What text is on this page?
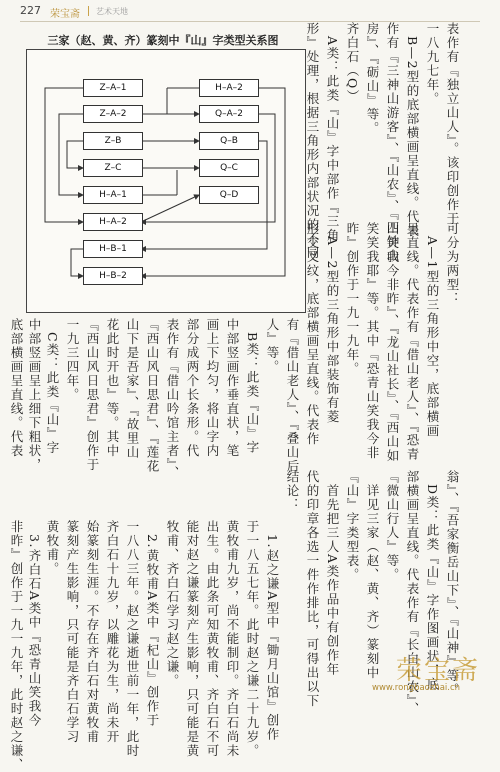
227 荣宝斋 艺术天地
三家（赵、黄、齐）篆刻中『山』字类型关系图
Z–A–1
Z–A–2
Z–B
Z–C
H–A–1
H–A–2
H–B–1
H–B–2
H–A–2
Q–A–2
Q–B
Q–C
Q–D	表作有『独立山人』。该印创作于
一八九七年。
　B—2型的底部横画呈直线。代表
作有『三神山游客』、『山农』、『四钟山
房』、『砺山』等。
齐白石（Q）
　A类：此类『山』字中部作『三角
形』处理，根据三角形内部状况的不同
可分为两型：
　A—1型的三角形中空，底部横画
呈直线。代表作有『借山老人』、『恐青
山笑我今非昨』、『龙山社长』、『西山如
笑笑我耶』等。其中『恐青山笑我今非
昨』创作于一九一九年。
　A—2型的三角形中部装饰有菱
形交叉纹，底部横画呈直线。代表作
有『借山老人』、『叠山后
人』等。
　B类：此类『山』字
中部竖画作垂直状，笔
画上下均匀，将山字内
部分成两个长条形。代
表作有『借山吟馆主者』、
『西山风日思君』、『莲花
山下是吾家』、『故里山
花此时开也』等。其中
『西山风日思君』创作于
一九三四年。
　C类：此类『山』字
中部竖画呈上细下粗状，
底部横画呈直线。代表
翁』、『吾家衡岳山下』、『山神』等。
　D类：此类『山』字作图画状，底
部横画呈直线。代表作有『长白山农』、
『微山行人』等。
　详见三家（赵、黄、齐）篆刻中
『山』字类型表。
　首先把三人A类作品中有创作年
代的印章各选一件作排比，可得出以下
结论：
　1.赵之谦A型中『锄月山馆』创作
于一八五七年。此时赵之谦二十九岁。
黄牧甫九岁，尚不能制印。齐白石尚未
出生。由此条可知黄牧甫、齐白石不可
能对赵之谦篆刻产生影响，只可能是黄
牧甫、齐白石学习赵之谦。
　2.黄牧甫A类中『杞山』创作于
一八八三年。赵之谦逝世前一年，此时
齐白石十九岁，以雕花为生，尚未开
始篆刻生涯。不存在齐白石对黄牧甫
篆刻产生影响，只可能是齐白石学习
黄牧甫。
　3.齐白石A类中『恐青山笑我今
非昨』创作于一九一九年，此时赵之谦、	荣宝斋
www.rongbaozhai.cn
